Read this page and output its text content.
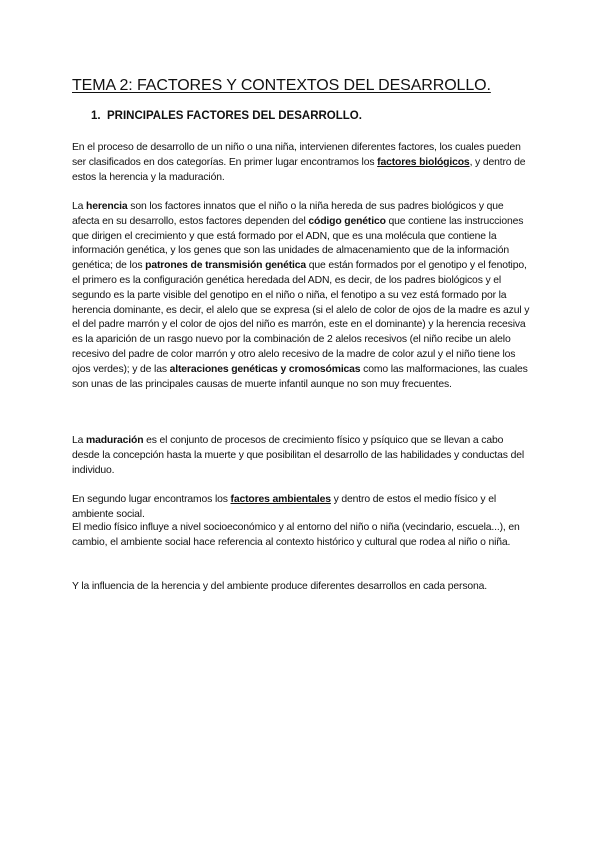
TEMA 2: FACTORES Y CONTEXTOS DEL DESARROLLO.
1. PRINCIPALES FACTORES DEL DESARROLLO.

En el proceso de desarrollo de un niño o una niña, intervienen diferentes factores, los cuales pueden ser clasificados en dos categorías. En primer lugar encontramos los factores biológicos, y dentro de estos la herencia y la maduración.

La herencia son los factores innatos que el niño o la niña hereda de sus padres biológicos y que afecta en su desarrollo, estos factores dependen del código genético que contiene las instrucciones que dirigen el crecimiento y que está formado por el ADN, que es una molécula que contiene la información genética, y los genes que son las unidades de almacenamiento que de la información genética; de los patrones de transmisión genética que están formados por el genotipo y el fenotipo, el primero es la configuración genética heredada del ADN, es decir, de los padres biológicos y el segundo es la parte visible del genotipo en el niño o niña, el fenotipo a su vez está formado por la herencia dominante, es decir, el alelo que se expresa (si el alelo de color de ojos de la madre es azul y el del padre marrón y el color de ojos del niño es marrón, este en el dominante) y la herencia recesiva es la aparición de un rasgo nuevo por la combinación de 2 alelos recesivos (el niño recibe un alelo recesivo del padre de color marrón y otro alelo recesivo de la madre de color azul y el niño tiene los ojos verdes); y de las alteraciones genéticas y cromosómicas como las malformaciones, las cuales son unas de las principales causas de muerte infantil aunque no son muy frecuentes.

La maduración es el conjunto de procesos de crecimiento físico y psíquico que se llevan a cabo desde la concepción hasta la muerte y que posibilitan el desarrollo de las habilidades y conductas del individuo.

En segundo lugar encontramos los factores ambientales y dentro de estos el medio físico y el ambiente social.

El medio físico influye a nivel socioeconómico y al entorno del niño o niña (vecindario, escuela...), en cambio, el ambiente social hace referencia al contexto histórico y cultural que rodea al niño o niña.

Y la influencia de la herencia y del ambiente produce diferentes desarrollos en cada persona.
